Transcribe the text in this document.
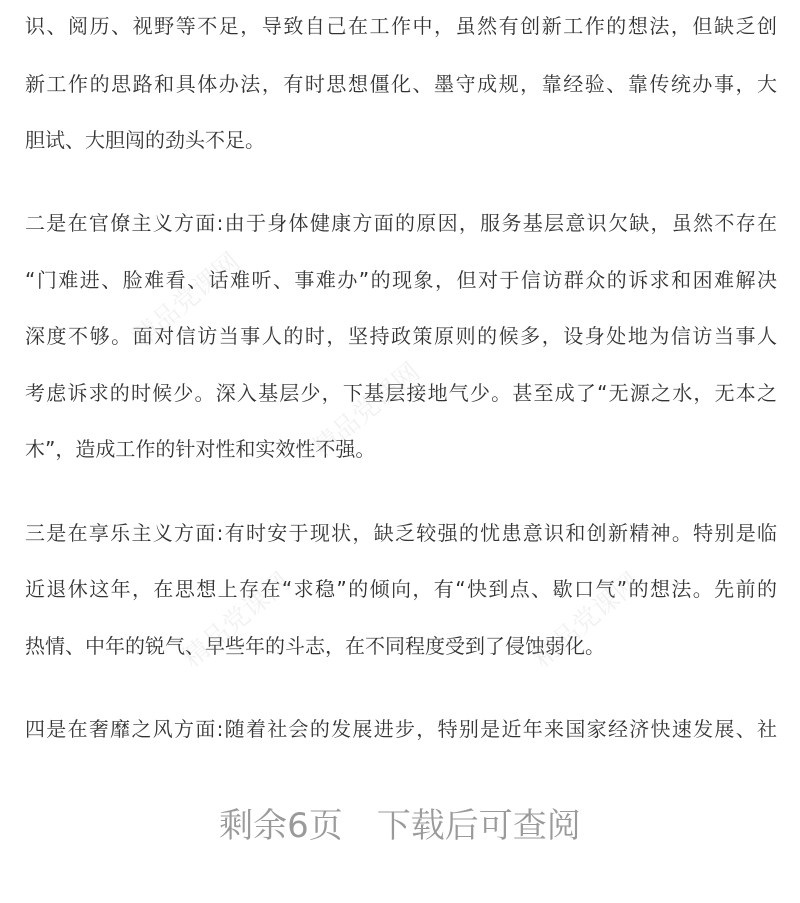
识、阅历、视野等不足，导致自己在工作中，虽然有创新工作的想法，但缺乏创
新工作的思路和具体办法，有时思想僵化、墨守成规，靠经验、靠传统办事，大
胆试、大胆闯的劲头不足。
二是在官僚主义方面:由于身体健康方面的原因，服务基层意识欠缺，虽然不存在
“门难进、脸难看、话难听、事难办”的现象，但对于信访群众的诉求和困难解决
深度不够。面对信访当事人的时，坚持政策原则的候多，设身处地为信访当事人
考虑诉求的时候少。深入基层少，下基层接地气少。甚至成了“无源之水，无本之
木”，造成工作的针对性和实效性不强。
三是在享乐主义方面:有时安于现状，缺乏较强的忧患意识和创新精神。特别是临
近退休这年，在思想上存在“求稳”的倾向，有“快到点、歇口气”的想法。先前的
热情、中年的锐气、早些年的斗志，在不同程度受到了侵蚀弱化。
四是在奢靡之风方面:随着社会的发展进步，特别是近年来国家经济快速发展、社
精品党课网
精品党课网
精品党课网	精品党课网
剩余6页　下载后可查阅
